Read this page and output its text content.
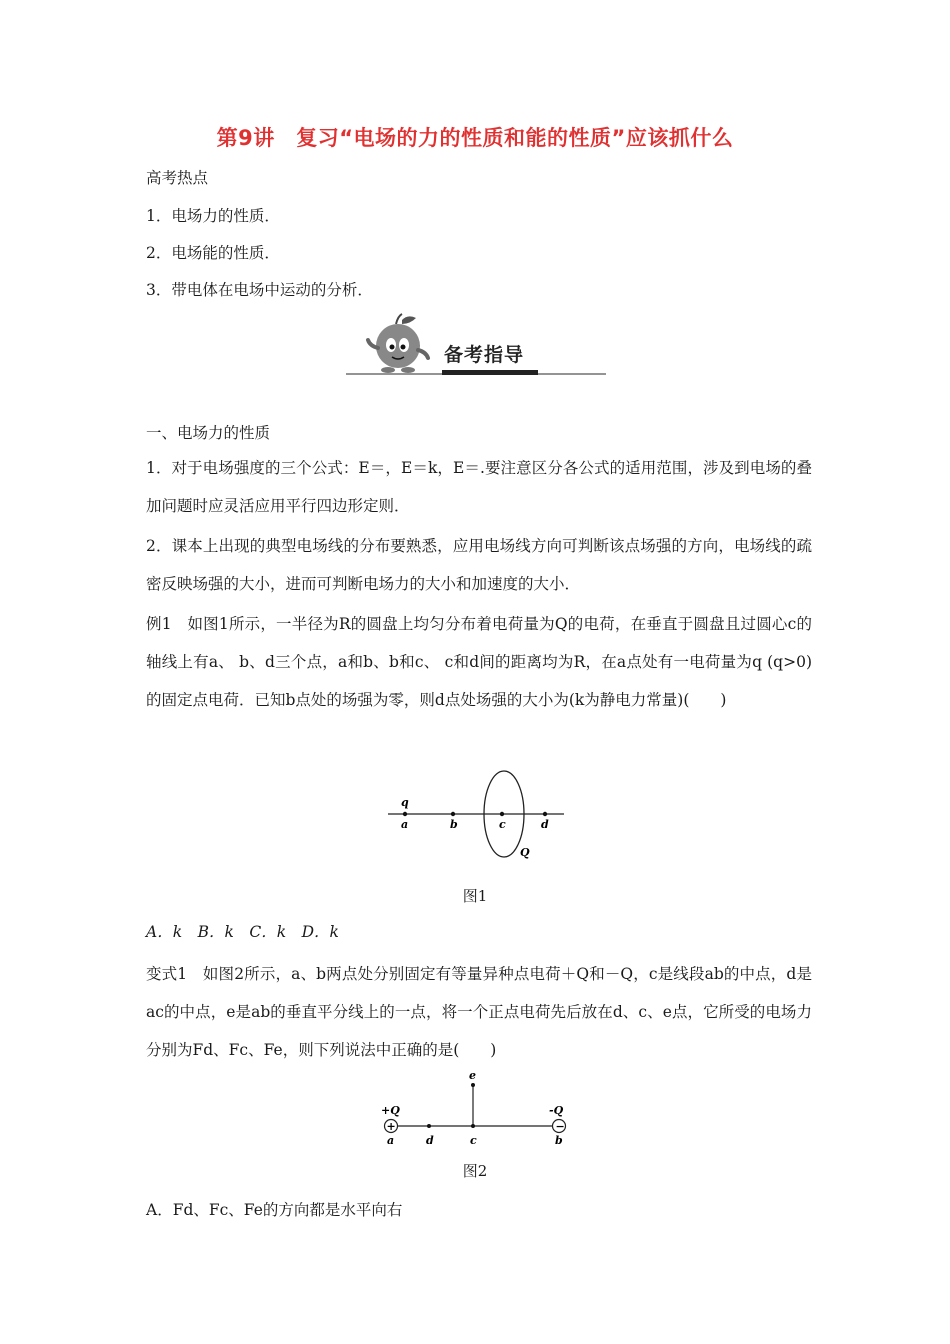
第9讲　复习“电场的力的性质和能的性质”应该抓什么
高考热点
1．电场力的性质．
2．电场能的性质．
3．带电体在电场中运动的分析．
备考指导
一、电场力的性质
1．对于电场强度的三个公式：E＝，E＝k，E＝.要注意区分各公式的适用范围，涉及到电场的叠加问题时应灵活应用平行四边形定则．
2．课本上出现的典型电场线的分布要熟悉，应用电场线方向可判断该点场强的方向，电场线的疏密反映场强的大小，进而可判断电场力的大小和加速度的大小．
例1　如图1所示，一半径为R的圆盘上均匀分布着电荷量为Q的电荷，在垂直于圆盘且过圆心c的轴线上有a、 b、d三个点，a和b、b和c、 c和d间的距离均为R，在a点处有一电荷量为q (q>0)的固定点电荷．已知b点处的场强为零，则d点处场强的大小为(k为静电力常量)(　　)
q
a	b	c	d
Q
图1
A．k　B．k　C．k　D．k
变式1　如图2所示，a、b两点处分别固定有等量异种点电荷＋Q和－Q，c是线段ab的中点，d是ac的中点，e是ab的垂直平分线上的一点，将一个正点电荷先后放在d、c、e点，它所受的电场力分别为Fd、Fc、Fe，则下列说法中正确的是(　　)
+	−
e
+Q	-Q
a	d	c	b
图2
A．Fd、Fc、Fe的方向都是水平向右
